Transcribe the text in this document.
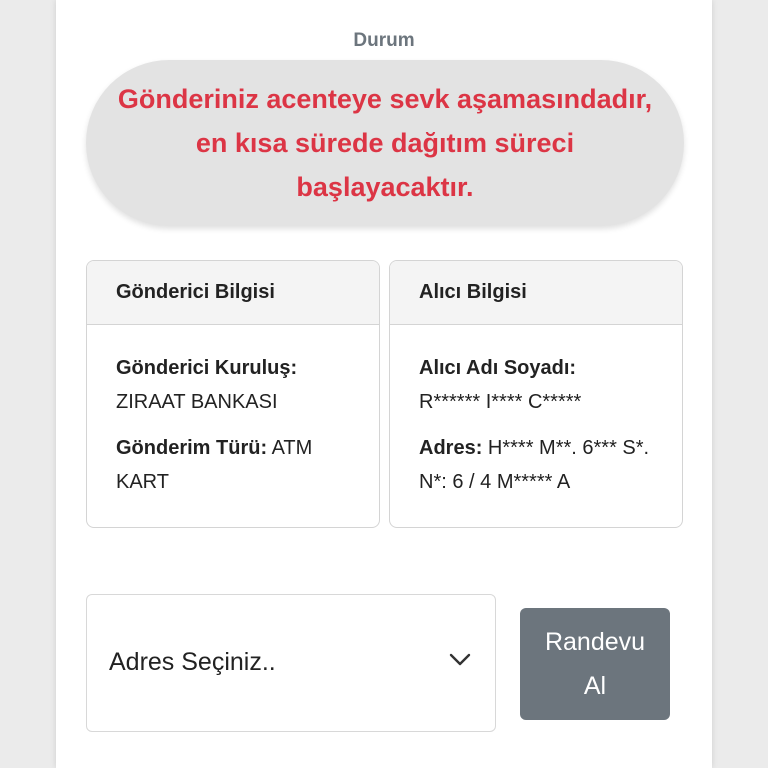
Durum
Gönderiniz acenteye sevk aşamasındadır, en kısa sürede dağıtım süreci başlayacaktır.
Gönderici Bilgisi
Gönderici Kuruluş:
ZIRAAT BANKASI
Gönderim Türü: ATM KART
Alıcı Bilgisi
Alıcı Adı Soyadı:
R****** I**** C*****
Adres: H**** M**. 6*** S*. N*: 6 / 4 M***** A
Adres Seçiniz..
Randevu Al
